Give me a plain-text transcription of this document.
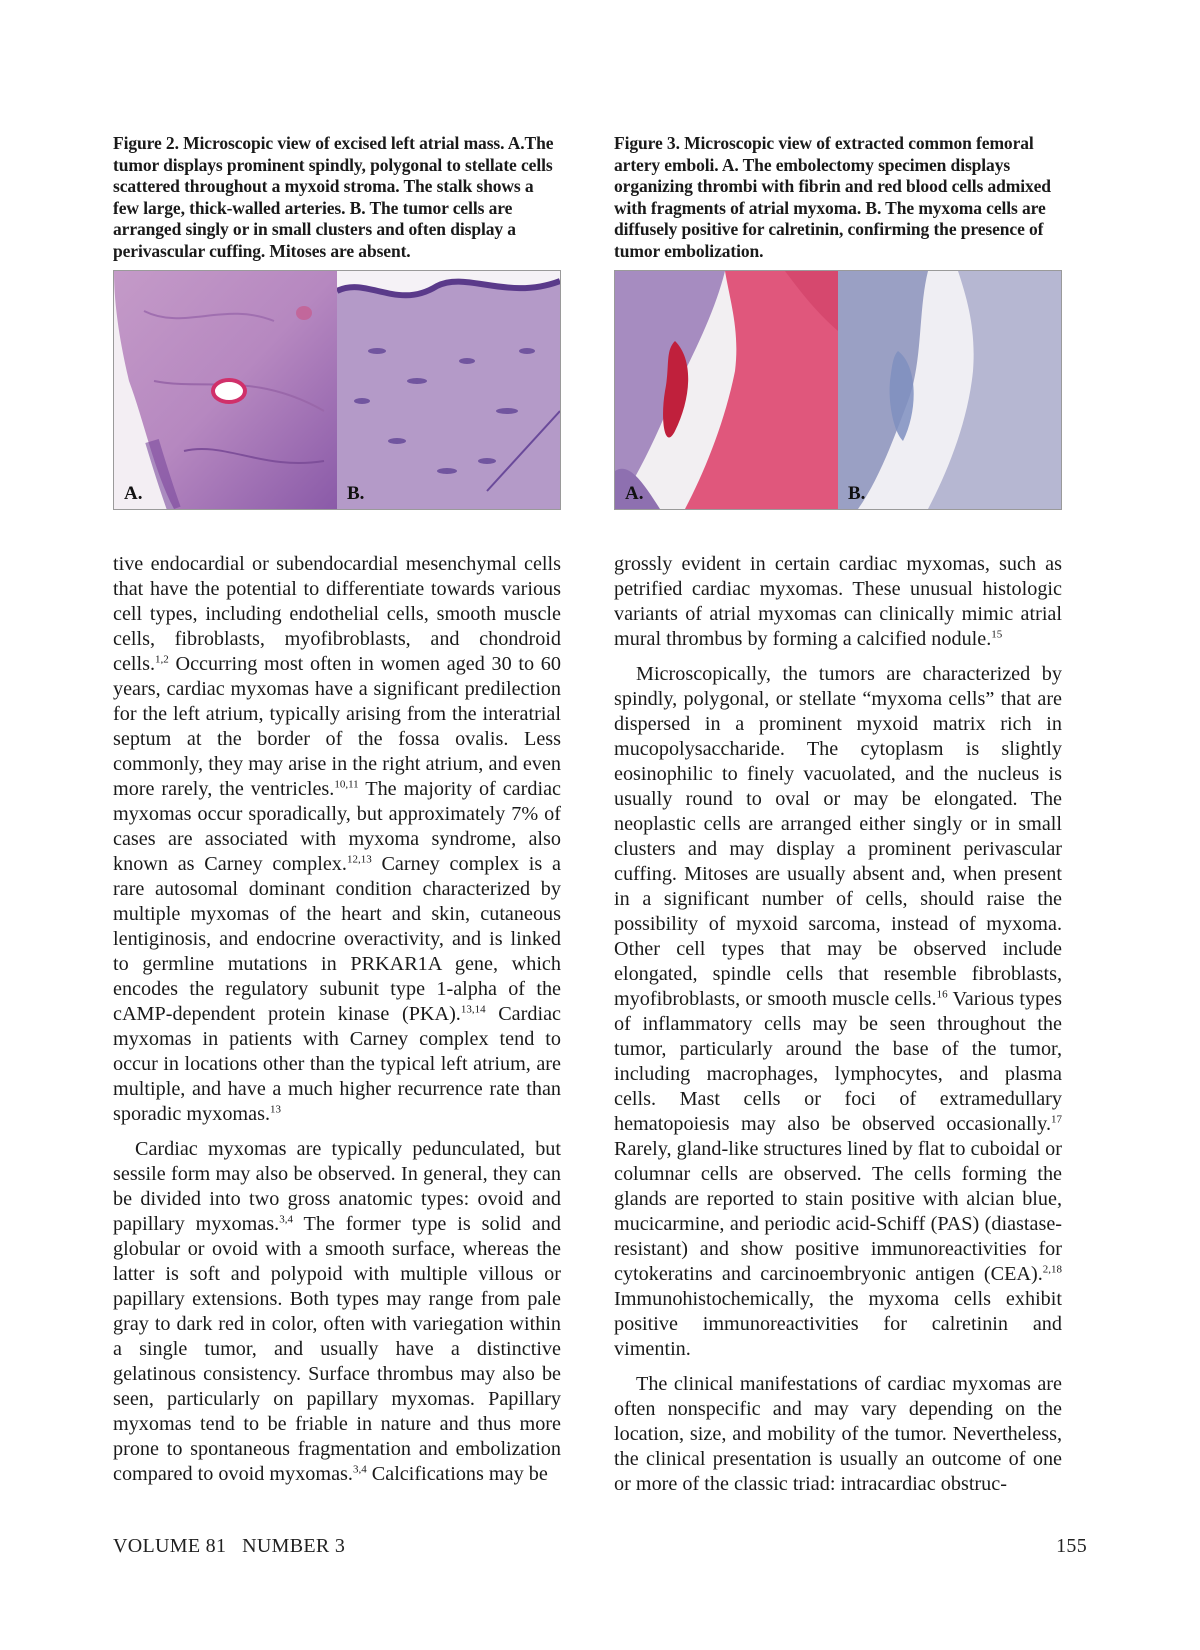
Figure 2. Microscopic view of excised left atrial mass. A.The tumor displays prominent spindly, polygonal to stellate cells scattered throughout a myxoid stroma. The stalk shows a few large, thick-walled arteries. B. The tumor cells are arranged singly or in small clusters and often display a perivascular cuffing. Mitoses are absent.
A.	B.
Figure 3. Microscopic view of extracted common femoral artery emboli. A. The embolectomy specimen displays organizing thrombi with fibrin and red blood cells admixed with fragments of atrial myxoma. B. The myxoma cells are diffusely positive for calretinin, confirming the presence of tumor embolization.
A.	B.

tive endocardial or subendocardial mesenchymal cells that have the potential to differentiate towards various cell types, including endothelial cells, smooth muscle cells, fibroblasts, myofibroblasts, and chondroid cells.$^{1,2}$ Occurring most often in women aged 30 to 60 years, cardiac myxomas have a significant predilection for the left atrium, typically arising from the interatrial septum at the border of the fossa ovalis. Less commonly, they may arise in the right atrium, and even more rarely, the ventricles.$^{10,11}$ The majority of cardiac myxomas occur sporadically, but approximately 7% of cases are associated with myxoma syndrome, also known as Carney complex.$^{12,13}$ Carney complex is a rare autosomal dominant condition characterized by multiple myxomas of the heart and skin, cutaneous lentiginosis, and endocrine overactivity, and is linked to germline mutations in PRKAR1A gene, which encodes the regulatory subunit type 1-alpha of the cAMP-dependent protein kinase (PKA).$^{13,14}$ Cardiac myxomas in patients with Carney complex tend to occur in locations other than the typical left atrium, are multiple, and have a much higher recurrence rate than sporadic myxomas.$^{13}$

Cardiac myxomas are typically pedunculated, but sessile form may also be observed. In general, they can be divided into two gross anatomic types: ovoid and papillary myxomas.$^{3,4}$ The former type is solid and globular or ovoid with a smooth surface, whereas the latter is soft and polypoid with multiple villous or papillary extensions. Both types may range from pale gray to dark red in color, often with variegation within a single tumor, and usually have a distinctive gelatinous consistency. Surface thrombus may also be seen, particularly on papillary myxomas. Papillary myxomas tend to be friable in nature and thus more prone to spontaneous fragmentation and embolization compared to ovoid myxomas.$^{3,4}$ Calcifications may be

grossly evident in certain cardiac myxomas, such as petrified cardiac myxomas. These unusual histologic variants of atrial myxomas can clinically mimic atrial mural thrombus by forming a calcified nodule.$^{15}$

Microscopically, the tumors are characterized by spindly, polygonal, or stellate “myxoma cells” that are dispersed in a prominent myxoid matrix rich in mucopolysaccharide. The cytoplasm is slightly eosinophilic to finely vacuolated, and the nucleus is usually round to oval or may be elongated. The neoplastic cells are arranged either singly or in small clusters and may display a prominent perivascular cuffing. Mitoses are usually absent and, when present in a significant number of cells, should raise the possibility of myxoid sarcoma, instead of myxoma. Other cell types that may be observed include elongated, spindle cells that resemble fibroblasts, myofibroblasts, or smooth muscle cells.$^{16}$ Various types of inflammatory cells may be seen throughout the tumor, particularly around the base of the tumor, including macrophages, lymphocytes, and plasma cells. Mast cells or foci of extramedullary hematopoiesis may also be observed occasionally.$^{17}$ Rarely, gland-like structures lined by flat to cuboidal or columnar cells are observed. The cells forming the glands are reported to stain positive with alcian blue, mucicarmine, and periodic acid-Schiff (PAS) (diastase-resistant) and show positive immunoreactivities for cytokeratins and carcinoembryonic antigen (CEA).$^{2,18}$ Immunohistochemically, the myxoma cells exhibit positive immunoreactivities for calretinin and vimentin.

The clinical manifestations of cardiac myxomas are often nonspecific and may vary depending on the location, size, and mobility of the tumor. Nevertheless, the clinical presentation is usually an outcome of one or more of the classic triad: intracardiac obstruc-

VOLUME 81   NUMBER 3	155
